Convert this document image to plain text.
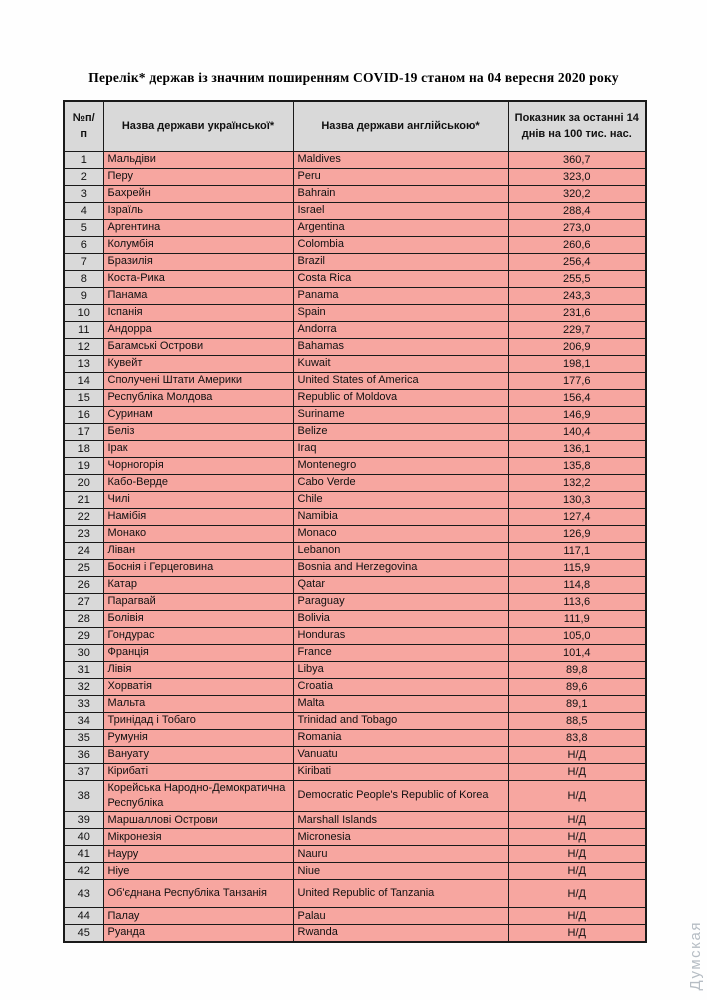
Перелік* держав із значним поширенням COVID-19 станом на 04 вересня 2020 року
№п/п	Назва держави української*	Назва держави англійською*	Показник за останні 14 днів на 100 тис. нас.
1	Мальдіви	Maldives	360,7
2	Перу	Peru	323,0
3	Бахрейн	Bahrain	320,2
4	Ізраїль	Israel	288,4
5	Аргентина	Argentina	273,0
6	Колумбія	Colombia	260,6
7	Бразилія	Brazil	256,4
8	Коста-Рика	Costa Rica	255,5
9	Панама	Panama	243,3
10	Іспанія	Spain	231,6
11	Андорра	Andorra	229,7
12	Багамські Острови	Bahamas	206,9
13	Кувейт	Kuwait	198,1
14	Сполучені Штати Америки	United States of America	177,6
15	Республіка Молдова	Republic of Moldova	156,4
16	Суринам	Suriname	146,9
17	Беліз	Belize	140,4
18	Ірак	Iraq	136,1
19	Чорногорія	Montenegro	135,8
20	Кабо-Верде	Cabo Verde	132,2
21	Чилі	Chile	130,3
22	Намібія	Namibia	127,4
23	Монако	Monaco	126,9
24	Ліван	Lebanon	117,1
25	Боснія і Герцеговина	Bosnia and Herzegovina	115,9
26	Катар	Qatar	114,8
27	Парагвай	Paraguay	113,6
28	Болівія	Bolivia	111,9
29	Гондурас	Honduras	105,0
30	Франція	France	101,4
31	Лівія	Libya	89,8
32	Хорватія	Croatia	89,6
33	Мальта	Malta	89,1
34	Тринідад і Тобаго	Trinidad and Tobago	88,5
35	Румунія	Romania	83,8
36	Вануату	Vanuatu	Н/Д
37	Кірибаті	Kiribati	Н/Д
38	Корейська Народно-Демократична Республіка	Democratic People's Republic of Korea	Н/Д
39	Маршаллові Острови	Marshall Islands	Н/Д
40	Мікронезія	Micronesia	Н/Д
41	Науру	Nauru	Н/Д
42	Ніуе	Niue	Н/Д
43	Об'єднана Республіка Танзанія	United Republic of Tanzania	Н/Д
44	Палау	Palau	Н/Д
45	Руанда	Rwanda	Н/Д	Думская
